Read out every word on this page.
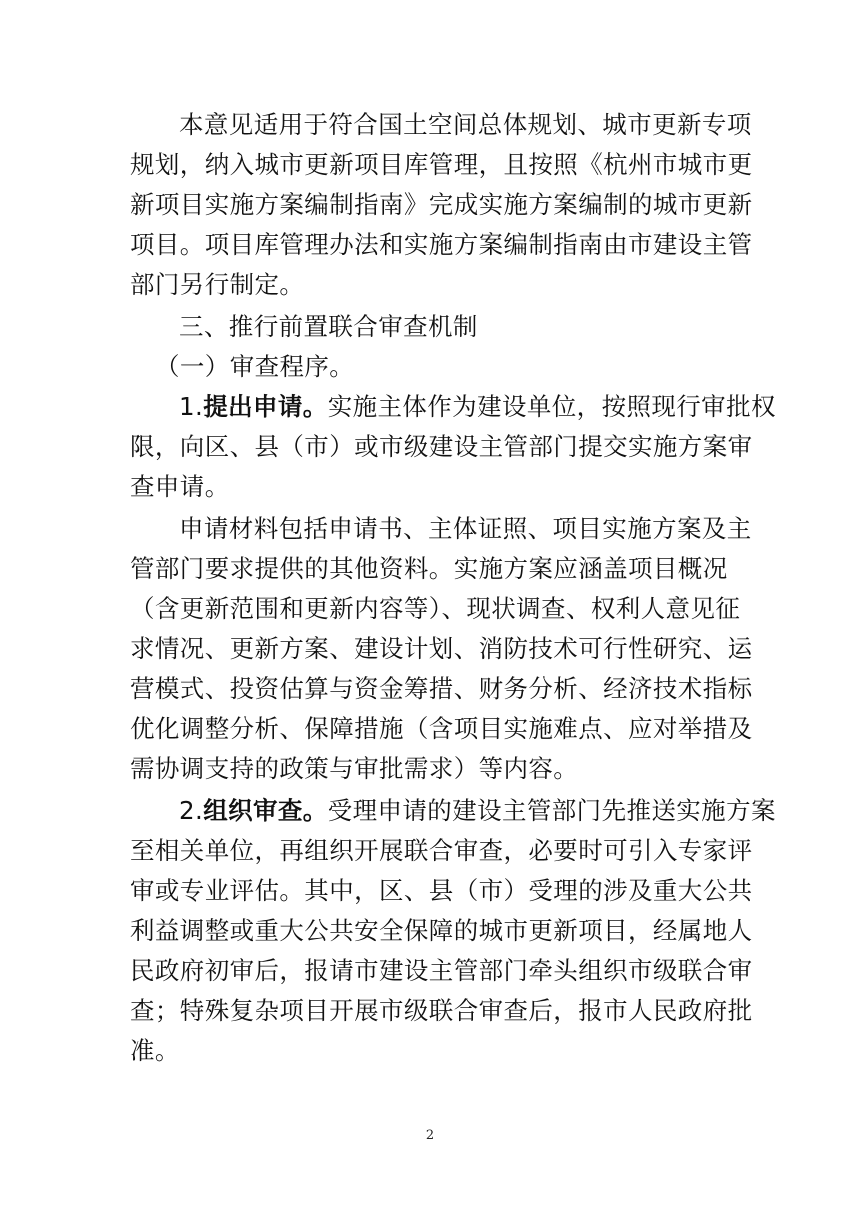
本意见适用于符合国土空间总体规划、城市更新专项
规划，纳入城市更新项目库管理，且按照《杭州市城市更
新项目实施方案编制指南》完成实施方案编制的城市更新
项目。项目库管理办法和实施方案编制指南由市建设主管
部门另行制定。
三、推行前置联合审查机制
（一）审查程序。
1.提出申请。实施主体作为建设单位，按照现行审批权
限，向区、县（市）或市级建设主管部门提交实施方案审
查申请。
申请材料包括申请书、主体证照、项目实施方案及主
管部门要求提供的其他资料。实施方案应涵盖项目概况
（含更新范围和更新内容等）、现状调查、权利人意见征
求情况、更新方案、建设计划、消防技术可行性研究、运
营模式、投资估算与资金筹措、财务分析、经济技术指标
优化调整分析、保障措施（含项目实施难点、应对举措及
需协调支持的政策与审批需求）等内容。
2.组织审查。受理申请的建设主管部门先推送实施方案
至相关单位，再组织开展联合审查，必要时可引入专家评
审或专业评估。其中，区、县（市）受理的涉及重大公共
利益调整或重大公共安全保障的城市更新项目，经属地人
民政府初审后，报请市建设主管部门牵头组织市级联合审
查；特殊复杂项目开展市级联合审查后，报市人民政府批
准。
2
